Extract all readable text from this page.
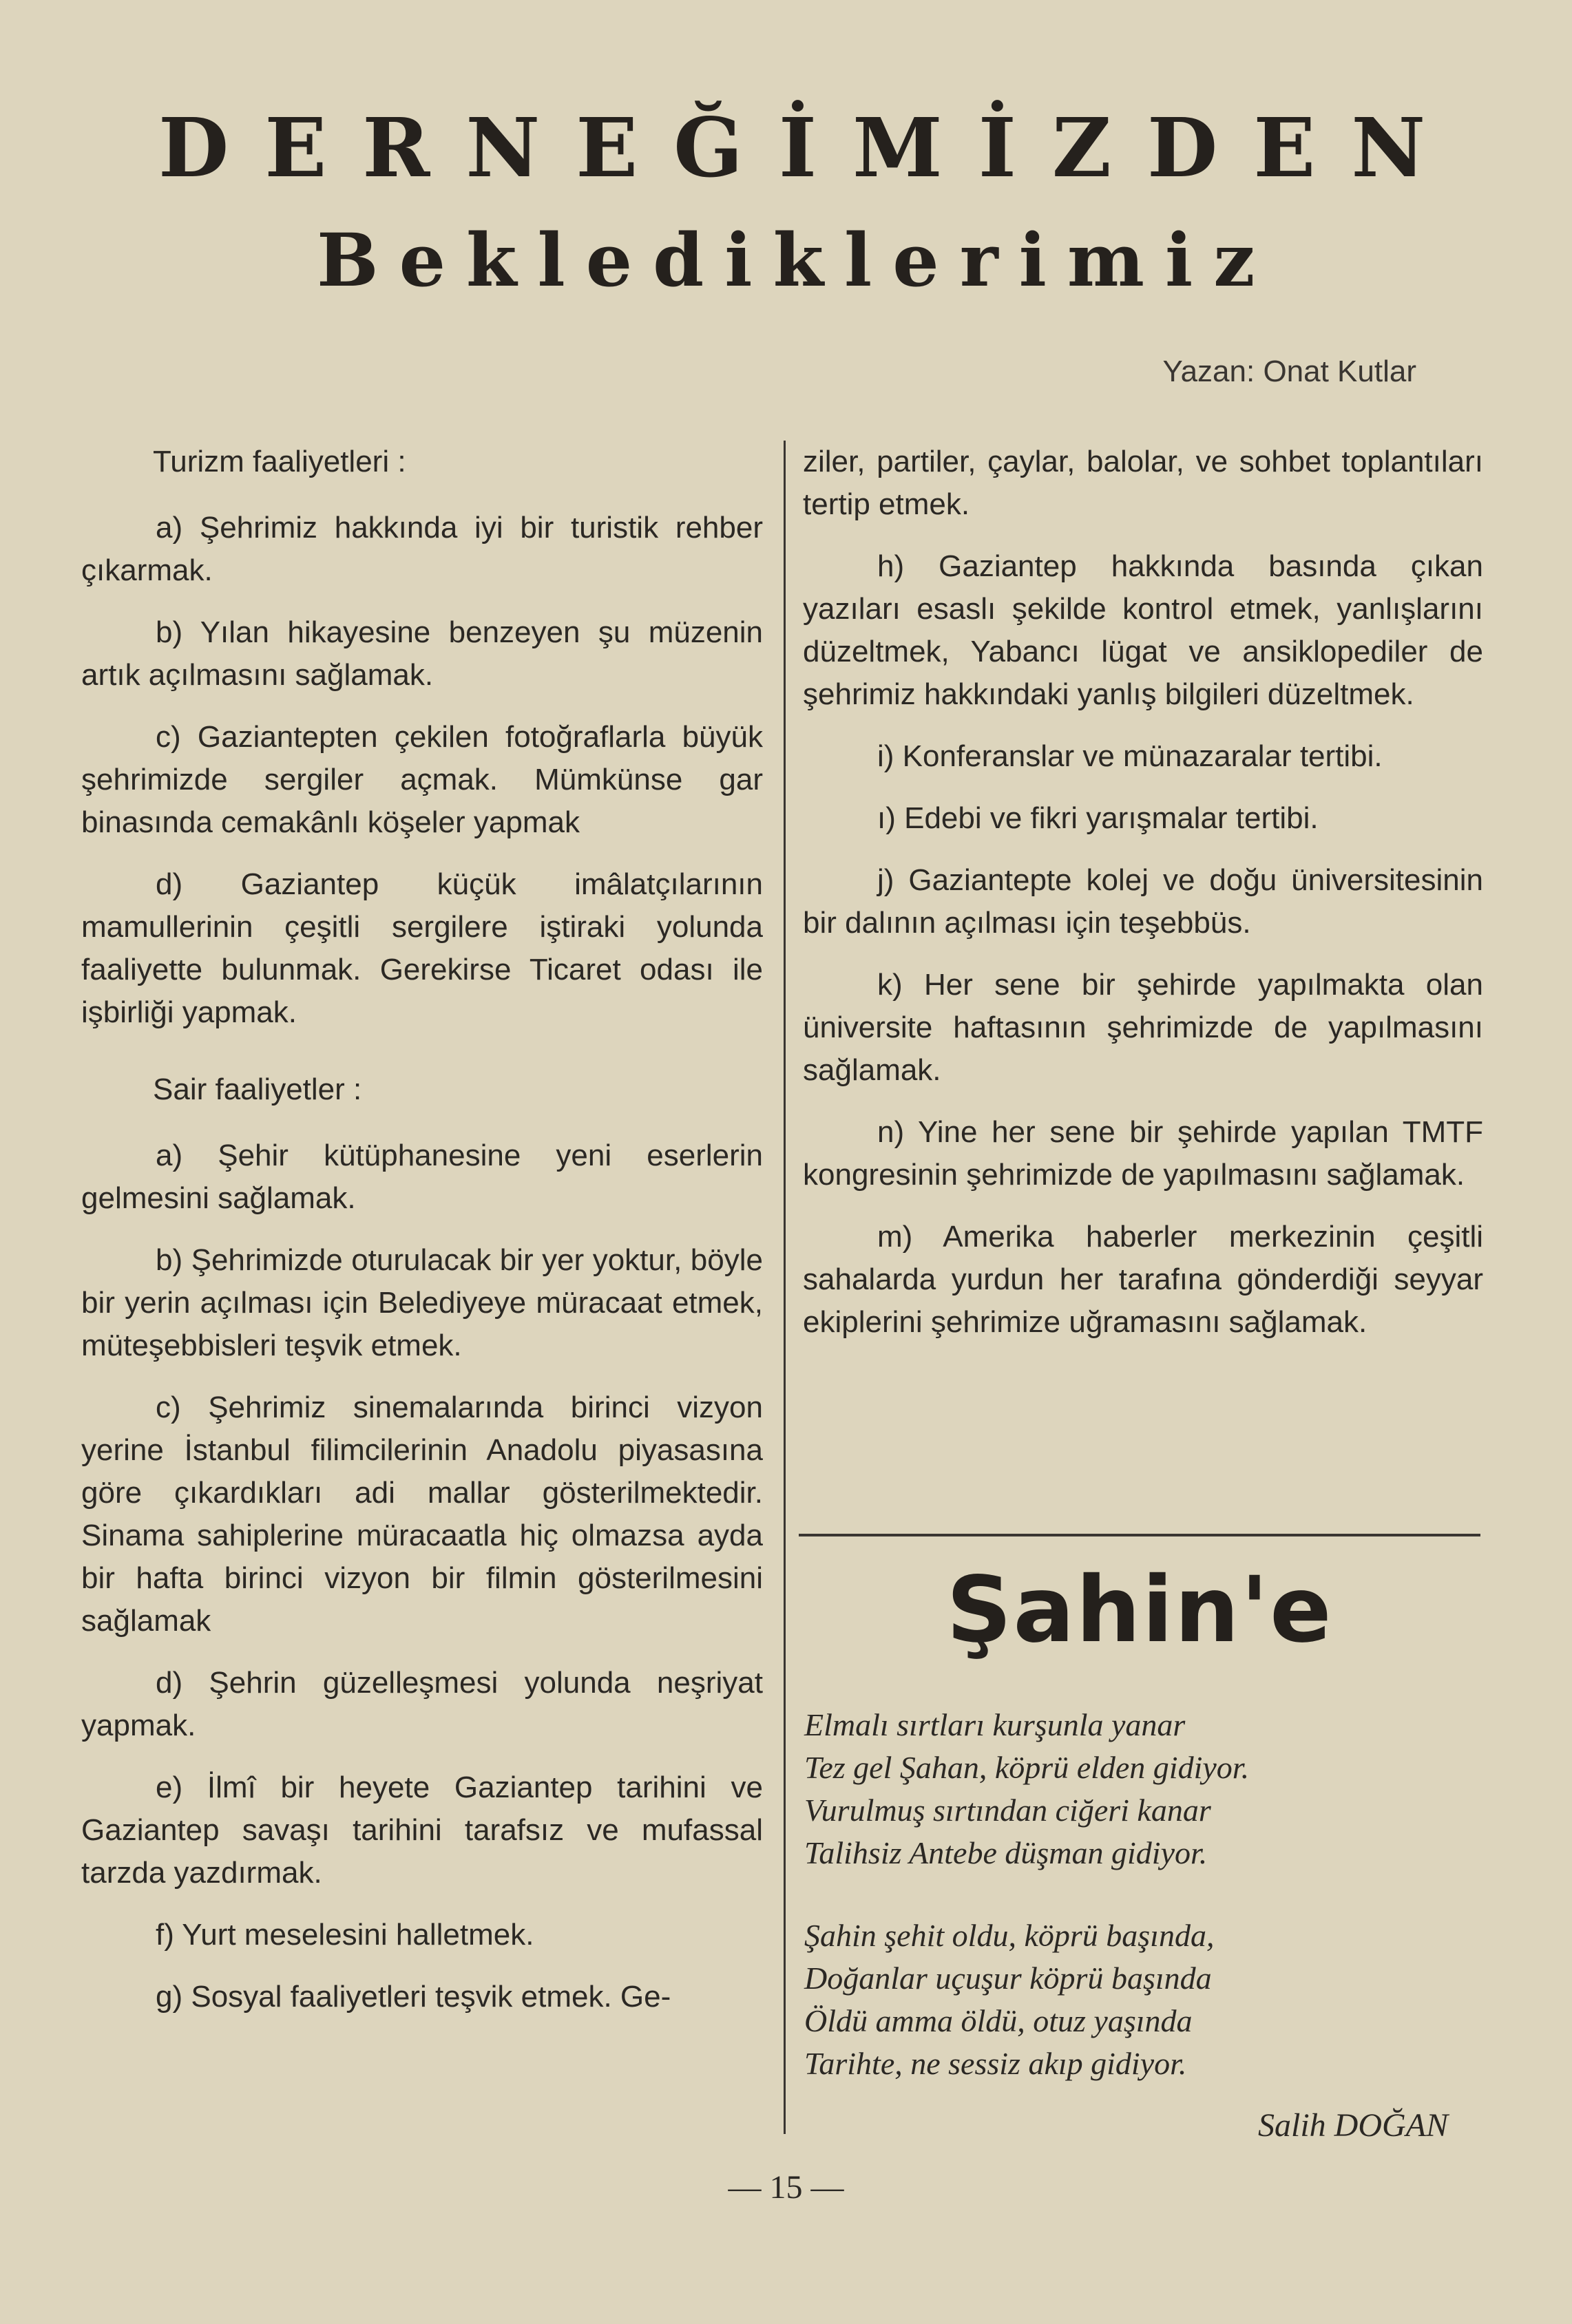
DERNEĞİMİZDEN
Beklediklerimiz
Yazan: Onat Kutlar

Turizm faaliyetleri :

a) Şehrimiz hakkında iyi bir turistik rehber çıkarmak.

b) Yılan hikayesine benzeyen şu müzenin artık açılmasını sağlamak.

c) Gaziantepten çekilen fotoğraflarla büyük şehrimizde sergiler açmak. Mümkünse gar binasında cemakânlı köşeler yapmak

d) Gaziantep küçük imâlatçılarının mamullerinin çeşitli sergilere iştiraki yolunda faaliyette bulunmak. Gerekirse Ticaret odası ile işbirliği yapmak.

Sair faaliyetler :

a) Şehir kütüphanesine yeni eserlerin gelmesini sağlamak.

b) Şehrimizde oturulacak bir yer yoktur, böyle bir yerin açılması için Belediyeye müracaat etmek, müteşebbisleri teşvik etmek.

c) Şehrimiz sinemalarında birinci vizyon yerine İstanbul filimcilerinin Anadolu piyasasına göre çıkardıkları adi mallar gösterilmektedir. Sinama sahiplerine müracaatla hiç olmazsa ayda bir hafta birinci vizyon bir filmin gösterilmesini sağlamak

d) Şehrin güzelleşmesi yolunda neşriyat yapmak.

e) İlmî bir heyete Gaziantep tarihini ve Gaziantep savaşı tarihini tarafsız ve mufassal tarzda yazdırmak.

f) Yurt meselesini halletmek.

g) Sosyal faaliyetleri teşvik etmek. Ge-

ziler, partiler, çaylar, balolar, ve sohbet toplantıları tertip etmek.

h) Gaziantep hakkında basında çıkan yazıları esaslı şekilde kontrol etmek, yanlışlarını düzeltmek, Yabancı lügat ve ansiklopediler de şehrimiz hakkındaki yanlış bilgileri düzeltmek.

i) Konferanslar ve münazaralar tertibi.

ı) Edebi ve fikri yarışmalar tertibi.

j) Gaziantepte kolej ve doğu üniversitesinin bir dalının açılması için teşebbüs.

k) Her sene bir şehirde yapılmakta olan üniversite haftasının şehrimizde de yapılmasını sağlamak.

n) Yine her sene bir şehirde yapılan TMTF kongresinin şehrimizde de yapılmasını sağlamak.

m) Amerika haberler merkezinin çeşitli sahalarda yurdun her tarafına gönderdiği seyyar ekiplerini şehrimize uğramasını sağlamak.

Şahin'e
Elmalı sırtları kurşunla yanar
Tez gel Şahan, köprü elden gidiyor.
Vurulmuş sırtından ciğeri kanar
Talihsiz Antebe düşman gidiyor.
Şahin şehit oldu, köprü başında,
Doğanlar uçuşur köprü başında
Öldü amma öldü, otuz yaşında
Tarihte, ne sessiz akıp gidiyor.
Salih DOĞAN
— 15 —
